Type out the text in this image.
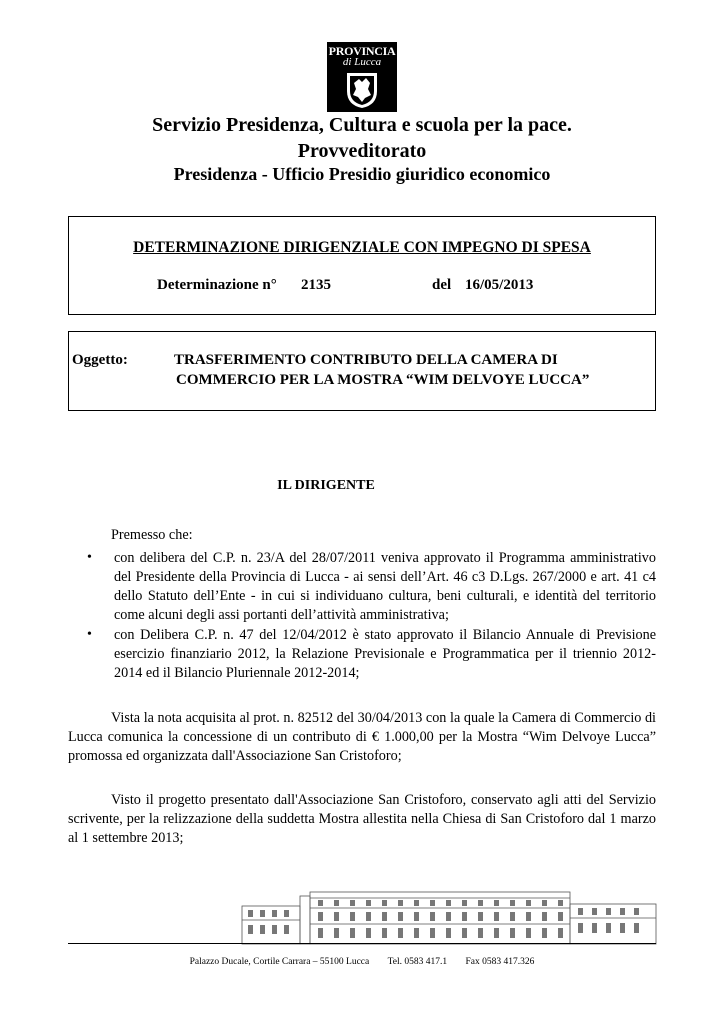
PROVINCIA
di Lucca
Servizio Presidenza, Cultura e scuola per la pace.
Provveditorato
Presidenza - Ufficio Presidio giuridico economico
DETERMINAZIONE DIRIGENZIALE CON IMPEGNO DI SPESA
Determinazione n° 2135	del 16/05/2013
Oggetto:	TRASFERIMENTO CONTRIBUTO DELLA CAMERA DI
COMMERCIO PER LA MOSTRA “WIM DELVOYE LUCCA”
IL DIRIGENTE
Premesso che:
• con delibera del C.P. n. 23/A del 28/07/2011 veniva approvato il Programma amministrativo del Presidente della Provincia di Lucca - ai sensi dell’Art. 46 c3 D.Lgs. 267/2000 e art. 41 c4 dello Statuto dell’Ente - in cui si individuano cultura, beni culturali, e identità del territorio come alcuni degli assi portanti dell’attività amministrativa;
• con Delibera C.P. n. 47 del 12/04/2012 è stato approvato il Bilancio Annuale di Previsione esercizio finanziario 2012, la Relazione Previsionale e Programmatica per il triennio 2012-2014 ed il Bilancio Pluriennale 2012-2014;
Vista la nota acquisita al prot. n. 82512 del 30/04/2013 con la quale la Camera di Commercio di Lucca comunica la concessione di un contributo di € 1.000,00 per la Mostra “Wim Delvoye Lucca” promossa ed organizzata dall'Associazione San Cristoforo;
Visto il progetto presentato dall'Associazione San Cristoforo, conservato agli atti del Servizio scrivente, per la relizzazione della suddetta Mostra allestita nella Chiesa di San Cristoforo dal 1 marzo al 1 settembre 2013;
Palazzo Ducale, Cortile Carrara – 55100 Lucca Tel. 0583 417.1 Fax 0583 417.326
